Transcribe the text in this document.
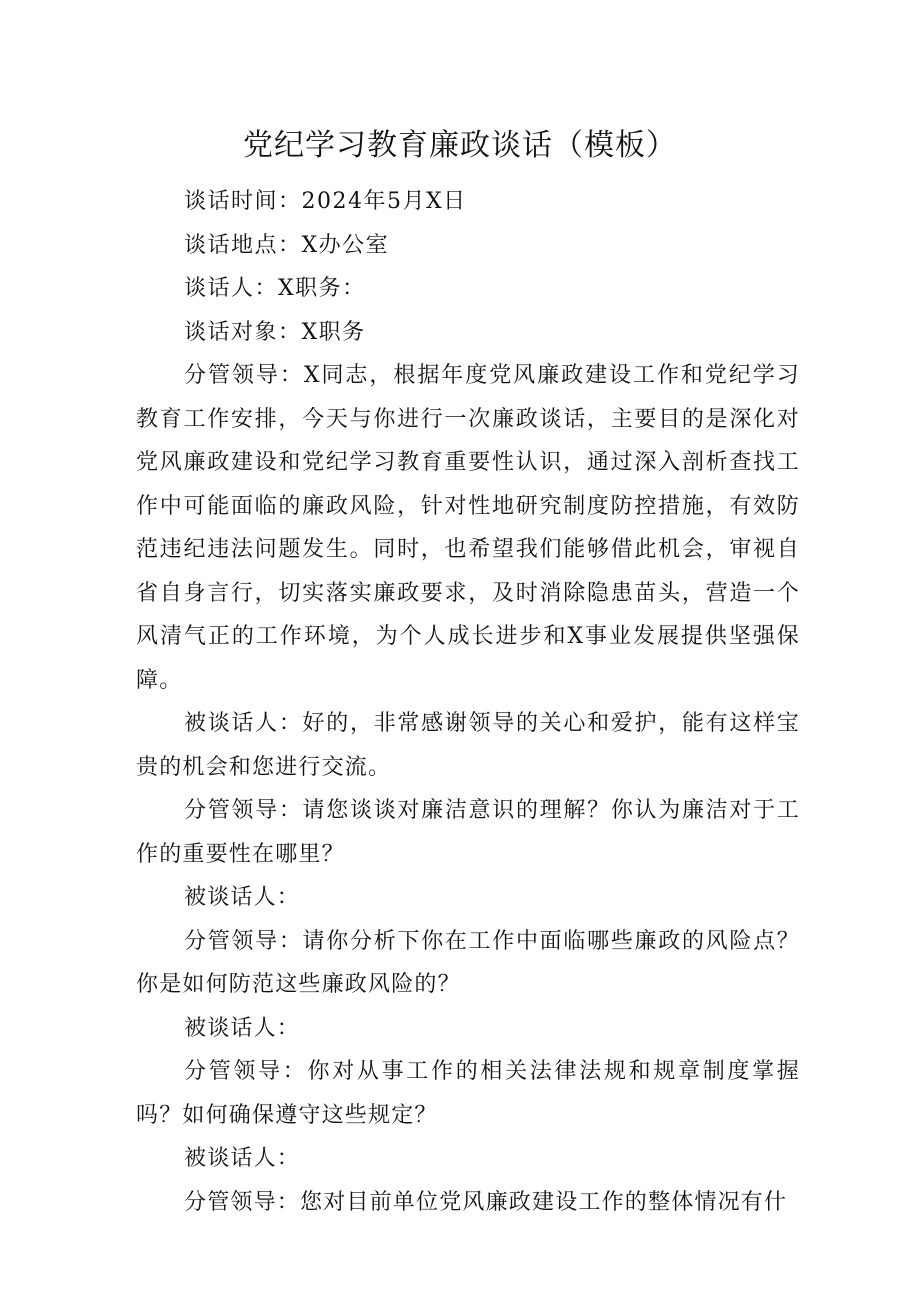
党纪学习教育廉政谈话（模板）

谈话时间：2024年5月X日

谈话地点：X办公室

谈话人：X职务：

谈话对象：X职务

分管领导：X同志，根据年度党风廉政建设工作和党纪学习教育工作安排，今天与你进行一次廉政谈话，主要目的是深化对党风廉政建设和党纪学习教育重要性认识，通过深入剖析查找工作中可能面临的廉政风险，针对性地研究制度防控措施，有效防范违纪违法问题发生。同时，也希望我们能够借此机会，审视自省自身言行，切实落实廉政要求，及时消除隐患苗头，营造一个风清气正的工作环境，为个人成长进步和X事业发展提供坚强保障。

被谈话人：好的，非常感谢领导的关心和爱护，能有这样宝贵的机会和您进行交流。

分管领导：请您谈谈对廉洁意识的理解？你认为廉洁对于工作的重要性在哪里？

被谈话人：

分管领导：请你分析下你在工作中面临哪些廉政的风险点？你是如何防范这些廉政风险的？

被谈话人：

分管领导：你对从事工作的相关法律法规和规章制度掌握吗？如何确保遵守这些规定？

被谈话人：

分管领导：您对目前单位党风廉政建设工作的整体情况有什
